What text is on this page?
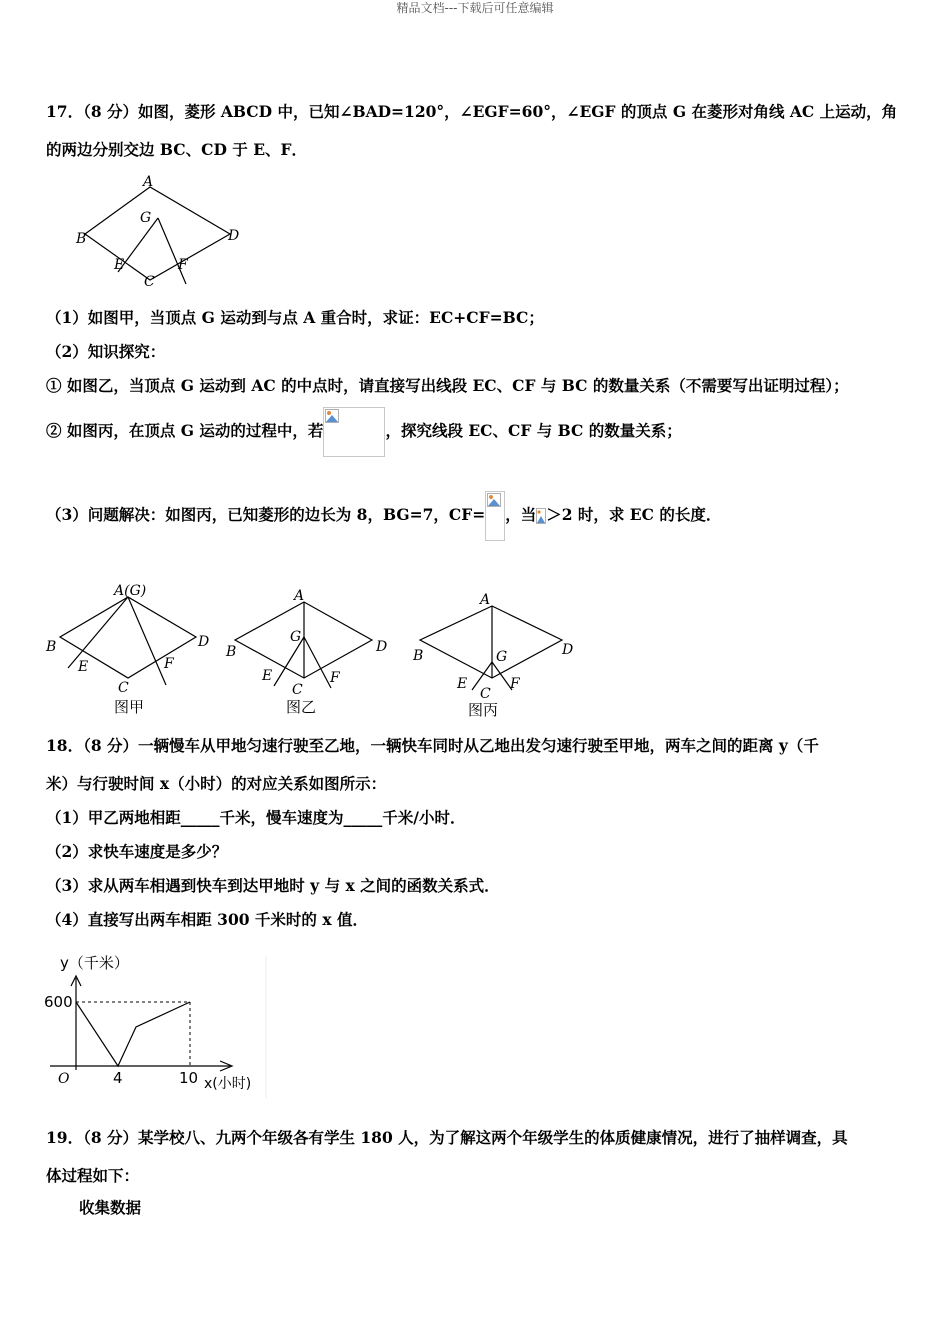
精品文档---下载后可任意编辑
17．（8 分）如图，菱形 ABCD 中，已知∠BAD=120°，∠EGF=60°，∠EGF 的顶点 G 在菱形对角线 AC 上运动，角
的两边分别交边 BC、CD 于 E、F．
A
B
C
D
G
E	F
（1）如图甲，当顶点 G 运动到与点 A 重合时，求证：EC+CF=BC；
（2）知识探究：
① 如图乙，当顶点 G 运动到 AC 的中点时，请直接写出线段 EC、CF 与 BC 的数量关系（不需要写出证明过程）；
② 如图丙，在顶点 G 运动的过程中，若	，探究线段 EC、CF 与 BC 的数量关系；
（3）问题解决：如图丙，已知菱形的边长为 8，BG=7，CF= ，当 ＞2 时，求 EC 的长度．
A(G)
B
C
D
E	F
图甲
A
B
C
D
G
E	F
图乙
A
B
C
D
G
E	F
图丙
18．（8 分）一辆慢车从甲地匀速行驶至乙地，一辆快车同时从乙地出发匀速行驶至甲地，两车之间的距离 y（千
米）与行驶时间 x（小时）的对应关系如图所示：
（1）甲乙两地相距_____千米，慢车速度为_____千米/小时．
（2）求快车速度是多少？
（3）求从两车相遇到快车到达甲地时 y 与 x 之间的函数关系式．
（4）直接写出两车相距 300 千米时的 x 值．
y（千米）
600
O	4	10 x(小时)
19．（8 分）某学校八、九两个年级各有学生 180 人，为了解这两个年级学生的体质健康情况，进行了抽样调查，具
体过程如下：
收集数据
